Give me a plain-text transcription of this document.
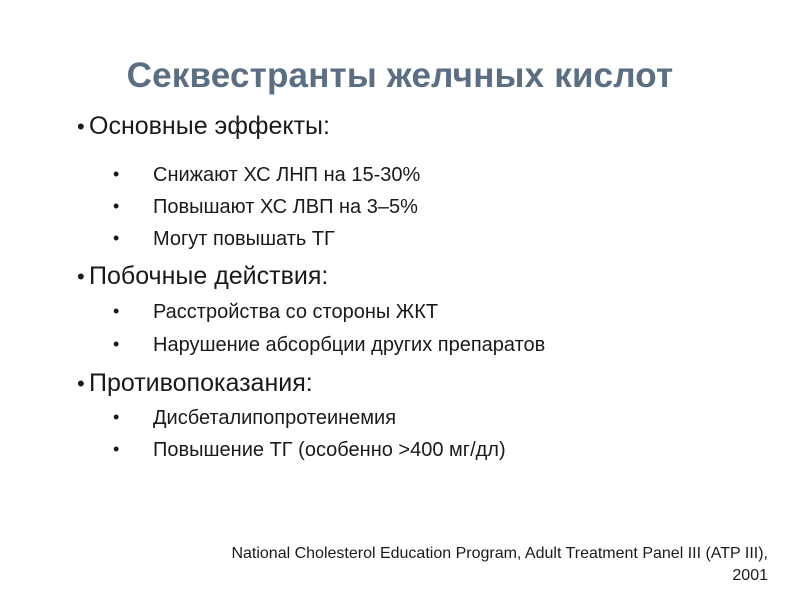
Секвестранты желчных кислот
• Основные эффекты:
• Снижают ХС ЛНП на 15-30%
• Повышают ХС ЛВП на 3–5%
• Могут повышать ТГ
• Побочные действия:
• Расстройства со стороны ЖКТ
• Нарушение абсорбции других препаратов
• Противопоказания:
• Дисбеталипопротеинемия
• Повышение ТГ (особенно >400 мг/дл)
National Cholesterol Education Program, Adult Treatment Panel III (ATP III),
2001
